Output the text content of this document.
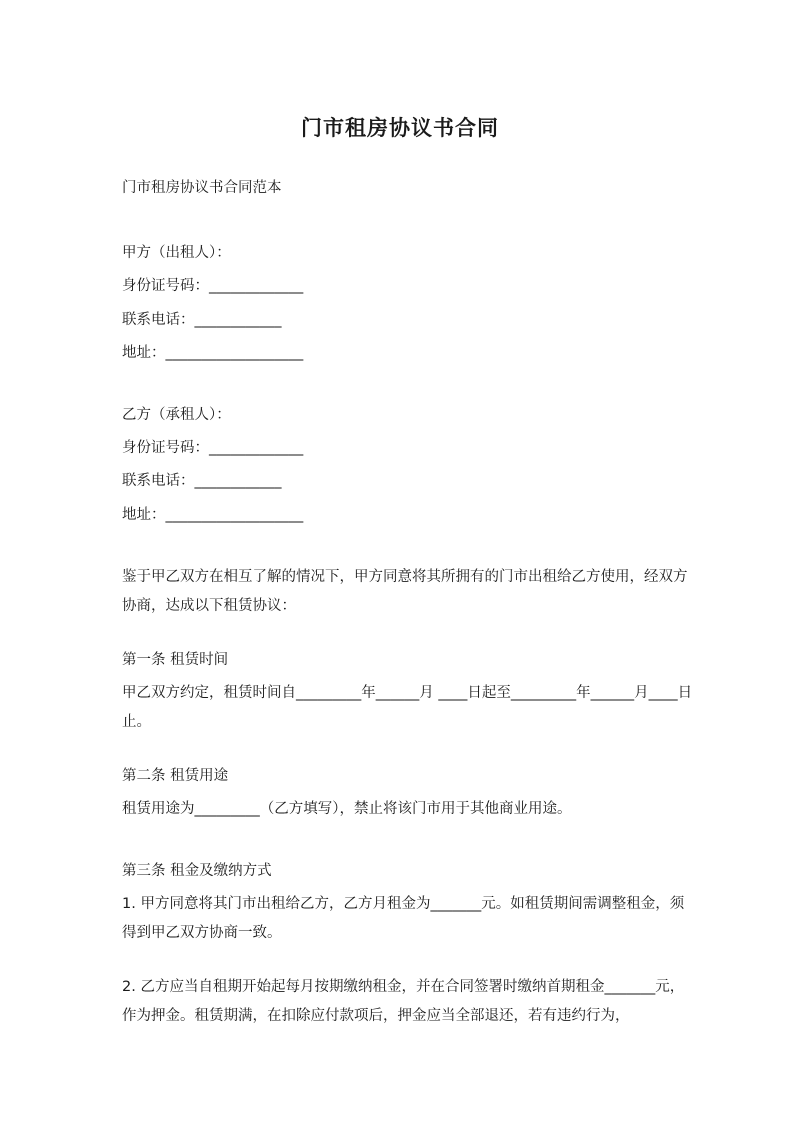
门市租房协议书合同
门市租房协议书合同范本
甲方（出租人）：
身份证号码：_____________
联系电话：____________
地址：___________________
乙方（承租人）：
身份证号码：_____________
联系电话：____________
地址：___________________
鉴于甲乙双方在相互了解的情况下，甲方同意将其所拥有的门市出租给乙方使用，经双方协商，达成以下租赁协议：
第一条 租赁时间
甲乙双方约定，租赁时间自_________年______月 ____日起至_________年______月____日止。
第二条 租赁用途
租赁用途为_________（乙方填写），禁止将该门市用于其他商业用途。
第三条 租金及缴纳方式
1. 甲方同意将其门市出租给乙方，乙方月租金为_______元。如租赁期间需调整租金，须得到甲乙双方协商一致。
2. 乙方应当自租期开始起每月按期缴纳租金，并在合同签署时缴纳首期租金_______元，作为押金。租赁期满，在扣除应付款项后，押金应当全部退还，若有违约行为，
